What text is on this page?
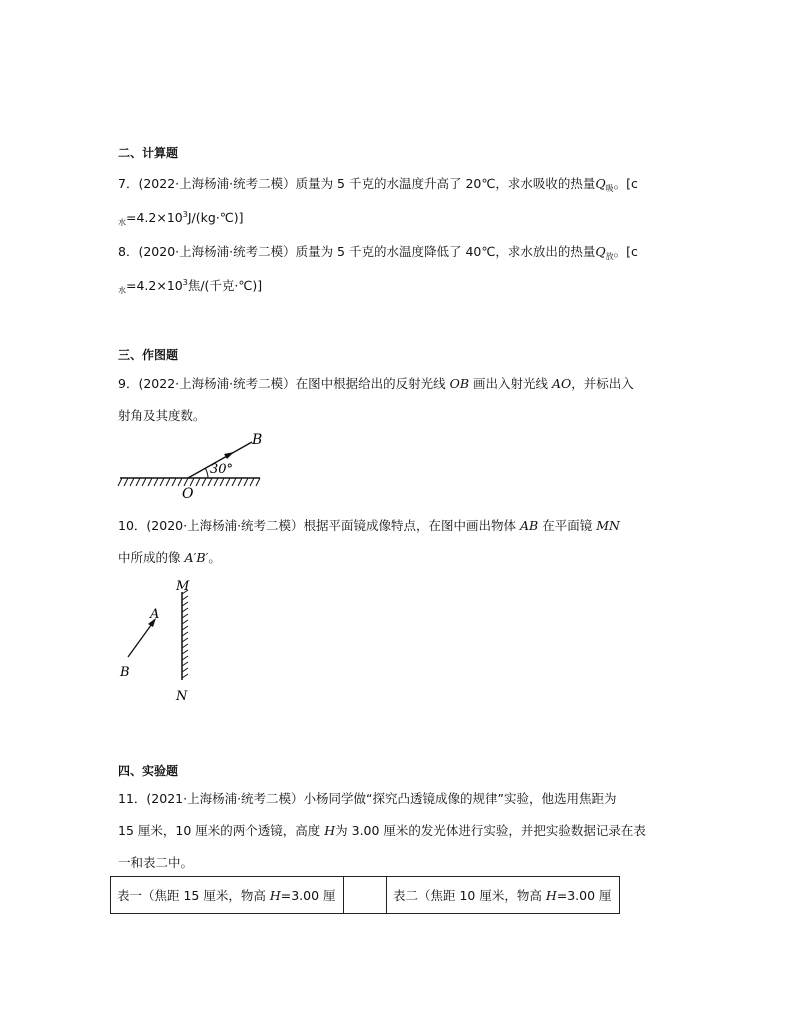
二、计算题
7．(2022·上海杨浦·统考二模）质量为 5 千克的水温度升高了 20℃，求水吸收的热量$Q_吸$。[c
$_水=4.2\times 10^3J/(kg\cdot℃)$]
8．(2020·上海杨浦·统考二模）质量为 5 千克的水温度降低了 40℃，求水放出的热量$Q_放$。[c
$_水=4.2\times 10^3$焦/(千克·℃)]
三、作图题
9．(2022·上海杨浦·统考二模）在图中根据给出的反射光线 OB 画出入射光线 AO，并标出入
射角及其度数。
30°
B
O
10．(2020·上海杨浦·统考二模）根据平面镜成像特点，在图中画出物体 AB 在平面镜 MN
中所成的像 A′B′。
M
N
A
B
四、实验题
11．(2021·上海杨浦·统考二模）小杨同学做“探究凸透镜成像的规律”实验，他选用焦距为
15 厘米，10 厘米的两个透镜，高度 H为 3.00 厘米的发光体进行实验，并把实验数据记录在表
一和表二中。
表一（焦距 15 厘米，物高 H=3.00 厘		表二（焦距 10 厘米，物高 H=3.00 厘
